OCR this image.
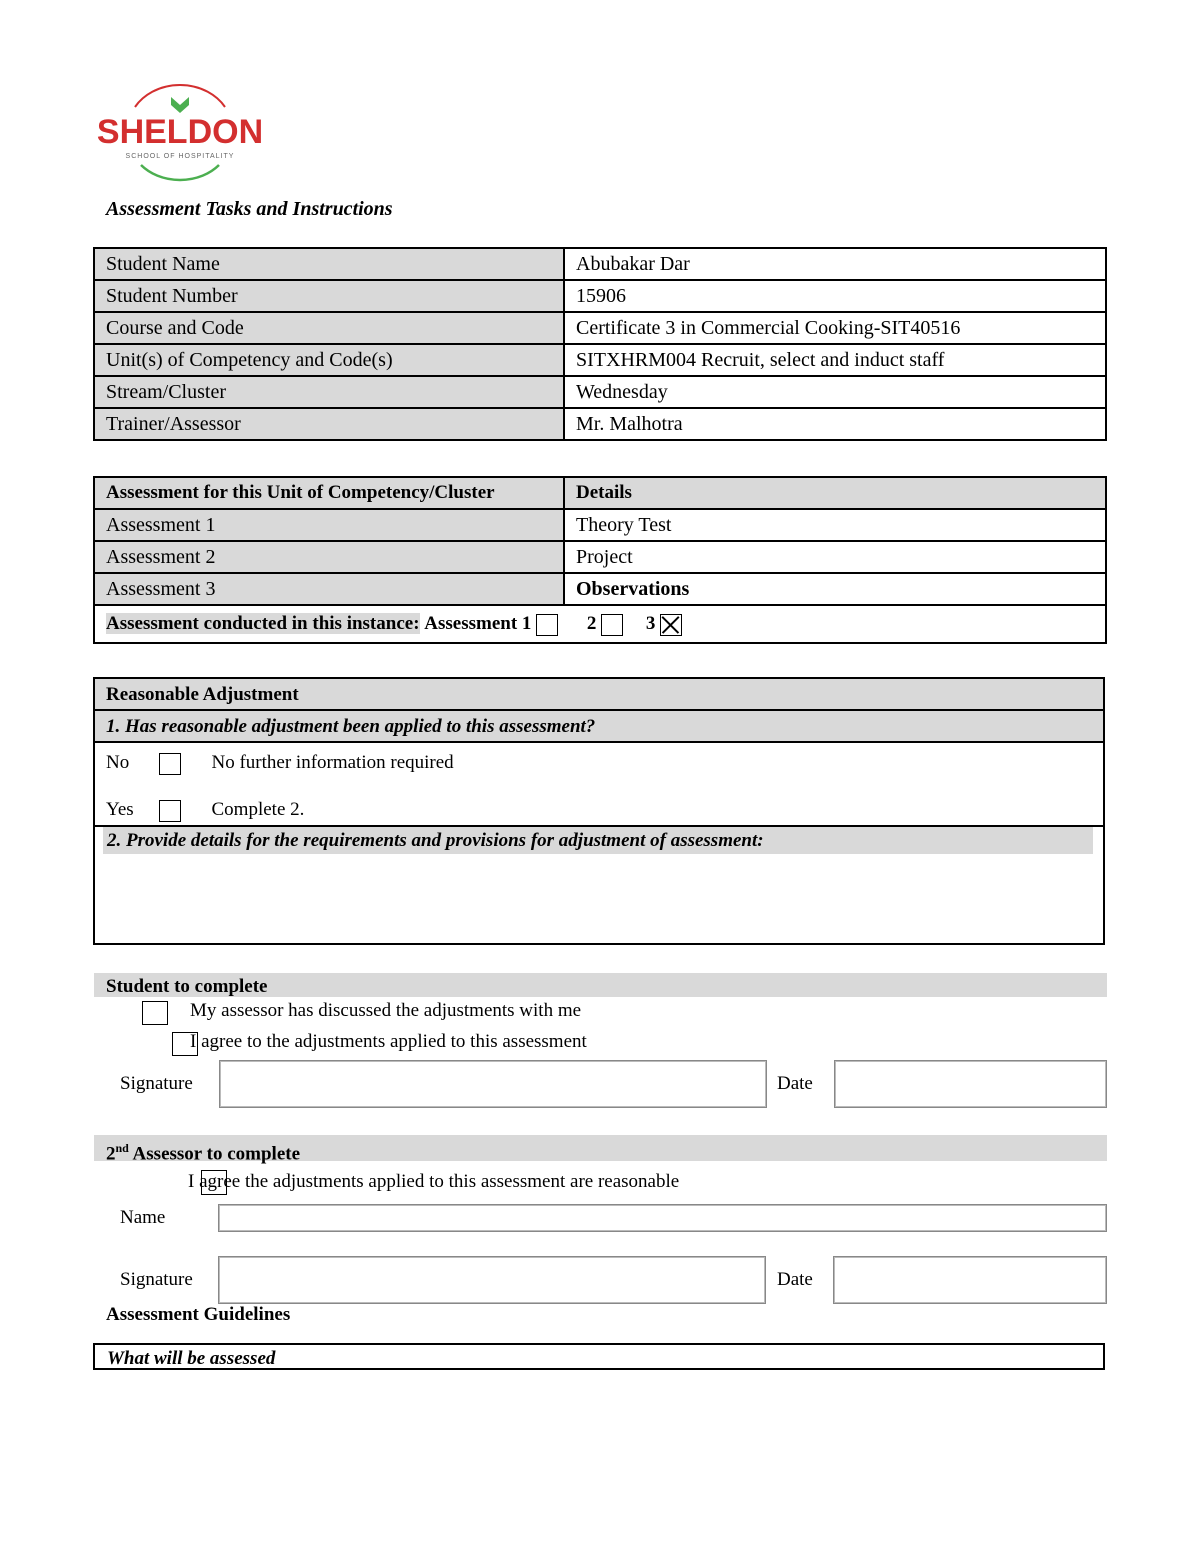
SHELDON
SCHOOL OF HOSPITALITY
Assessment Tasks and Instructions
Student Name	Abubakar Dar
Student Number	15906
Course and Code	Certificate 3 in Commercial Cooking-SIT40516
Unit(s) of Competency and Code(s)	SITXHRM004 Recruit, select and induct staff
Stream/Cluster	Wednesday
Trainer/Assessor	Mr. Malhotra
Assessment for this Unit of Competency/Cluster	Details
Assessment 1	Theory Test
Assessment 2	Project
Assessment 3	Observations
Assessment conducted in this instance: Assessment 1 2 3	
Reasonable Adjustment
1. Has reasonable adjustment been applied to this assessment?
No	No further information required
Yes	Complete 2.
2. Provide details for the requirements and provisions for adjustment of assessment:
Student to complete

My assessor has discussed the adjustments with me

I agree to the adjustments applied to this assessment
Signature	Date
2nd Assessor to complete
I agree the adjustments applied to this assessment are reasonable
Name
Signature	Date
Assessment Guidelines
What will be assessed
